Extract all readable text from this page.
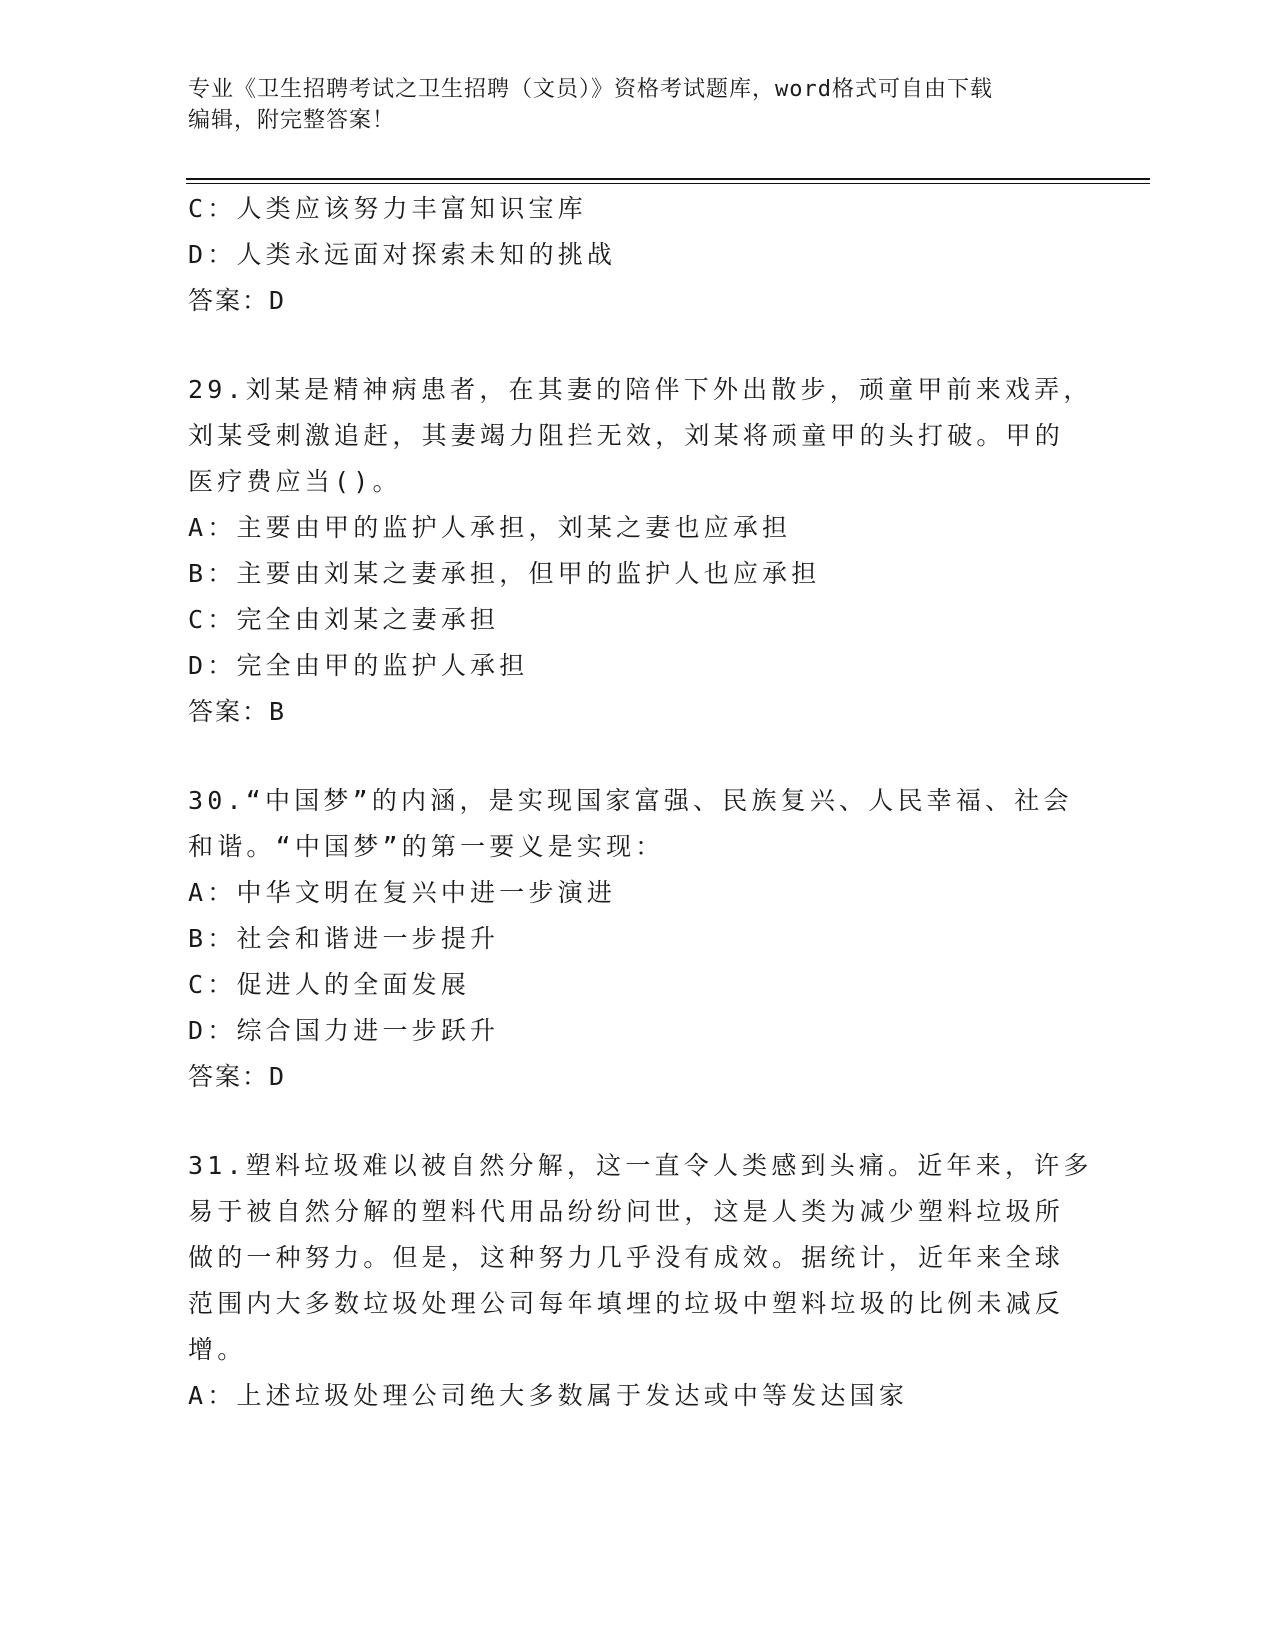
专业《卫生招聘考试之卫生招聘（文员）》资格考试题库，word格式可自由下载
编辑，附完整答案！
C：人类应该努力丰富知识宝库
D：人类永远面对探索未知的挑战
答案：D
29.刘某是精神病患者，在其妻的陪伴下外出散步，顽童甲前来戏弄，
刘某受刺激追赶，其妻竭力阻拦无效，刘某将顽童甲的头打破。甲的
医疗费应当()。
A：主要由甲的监护人承担，刘某之妻也应承担
B：主要由刘某之妻承担，但甲的监护人也应承担
C：完全由刘某之妻承担
D：完全由甲的监护人承担
答案：B
30.“中国梦”的内涵，是实现国家富强、民族复兴、人民幸福、社会
和谐。“中国梦”的第一要义是实现：
A：中华文明在复兴中进一步演进
B：社会和谐进一步提升
C：促进人的全面发展
D：综合国力进一步跃升
答案：D
31.塑料垃圾难以被自然分解，这一直令人类感到头痛。近年来，许多
易于被自然分解的塑料代用品纷纷问世，这是人类为减少塑料垃圾所
做的一种努力。但是，这种努力几乎没有成效。据统计，近年来全球
范围内大多数垃圾处理公司每年填埋的垃圾中塑料垃圾的比例未减反
增。
A：上述垃圾处理公司绝大多数属于发达或中等发达国家
